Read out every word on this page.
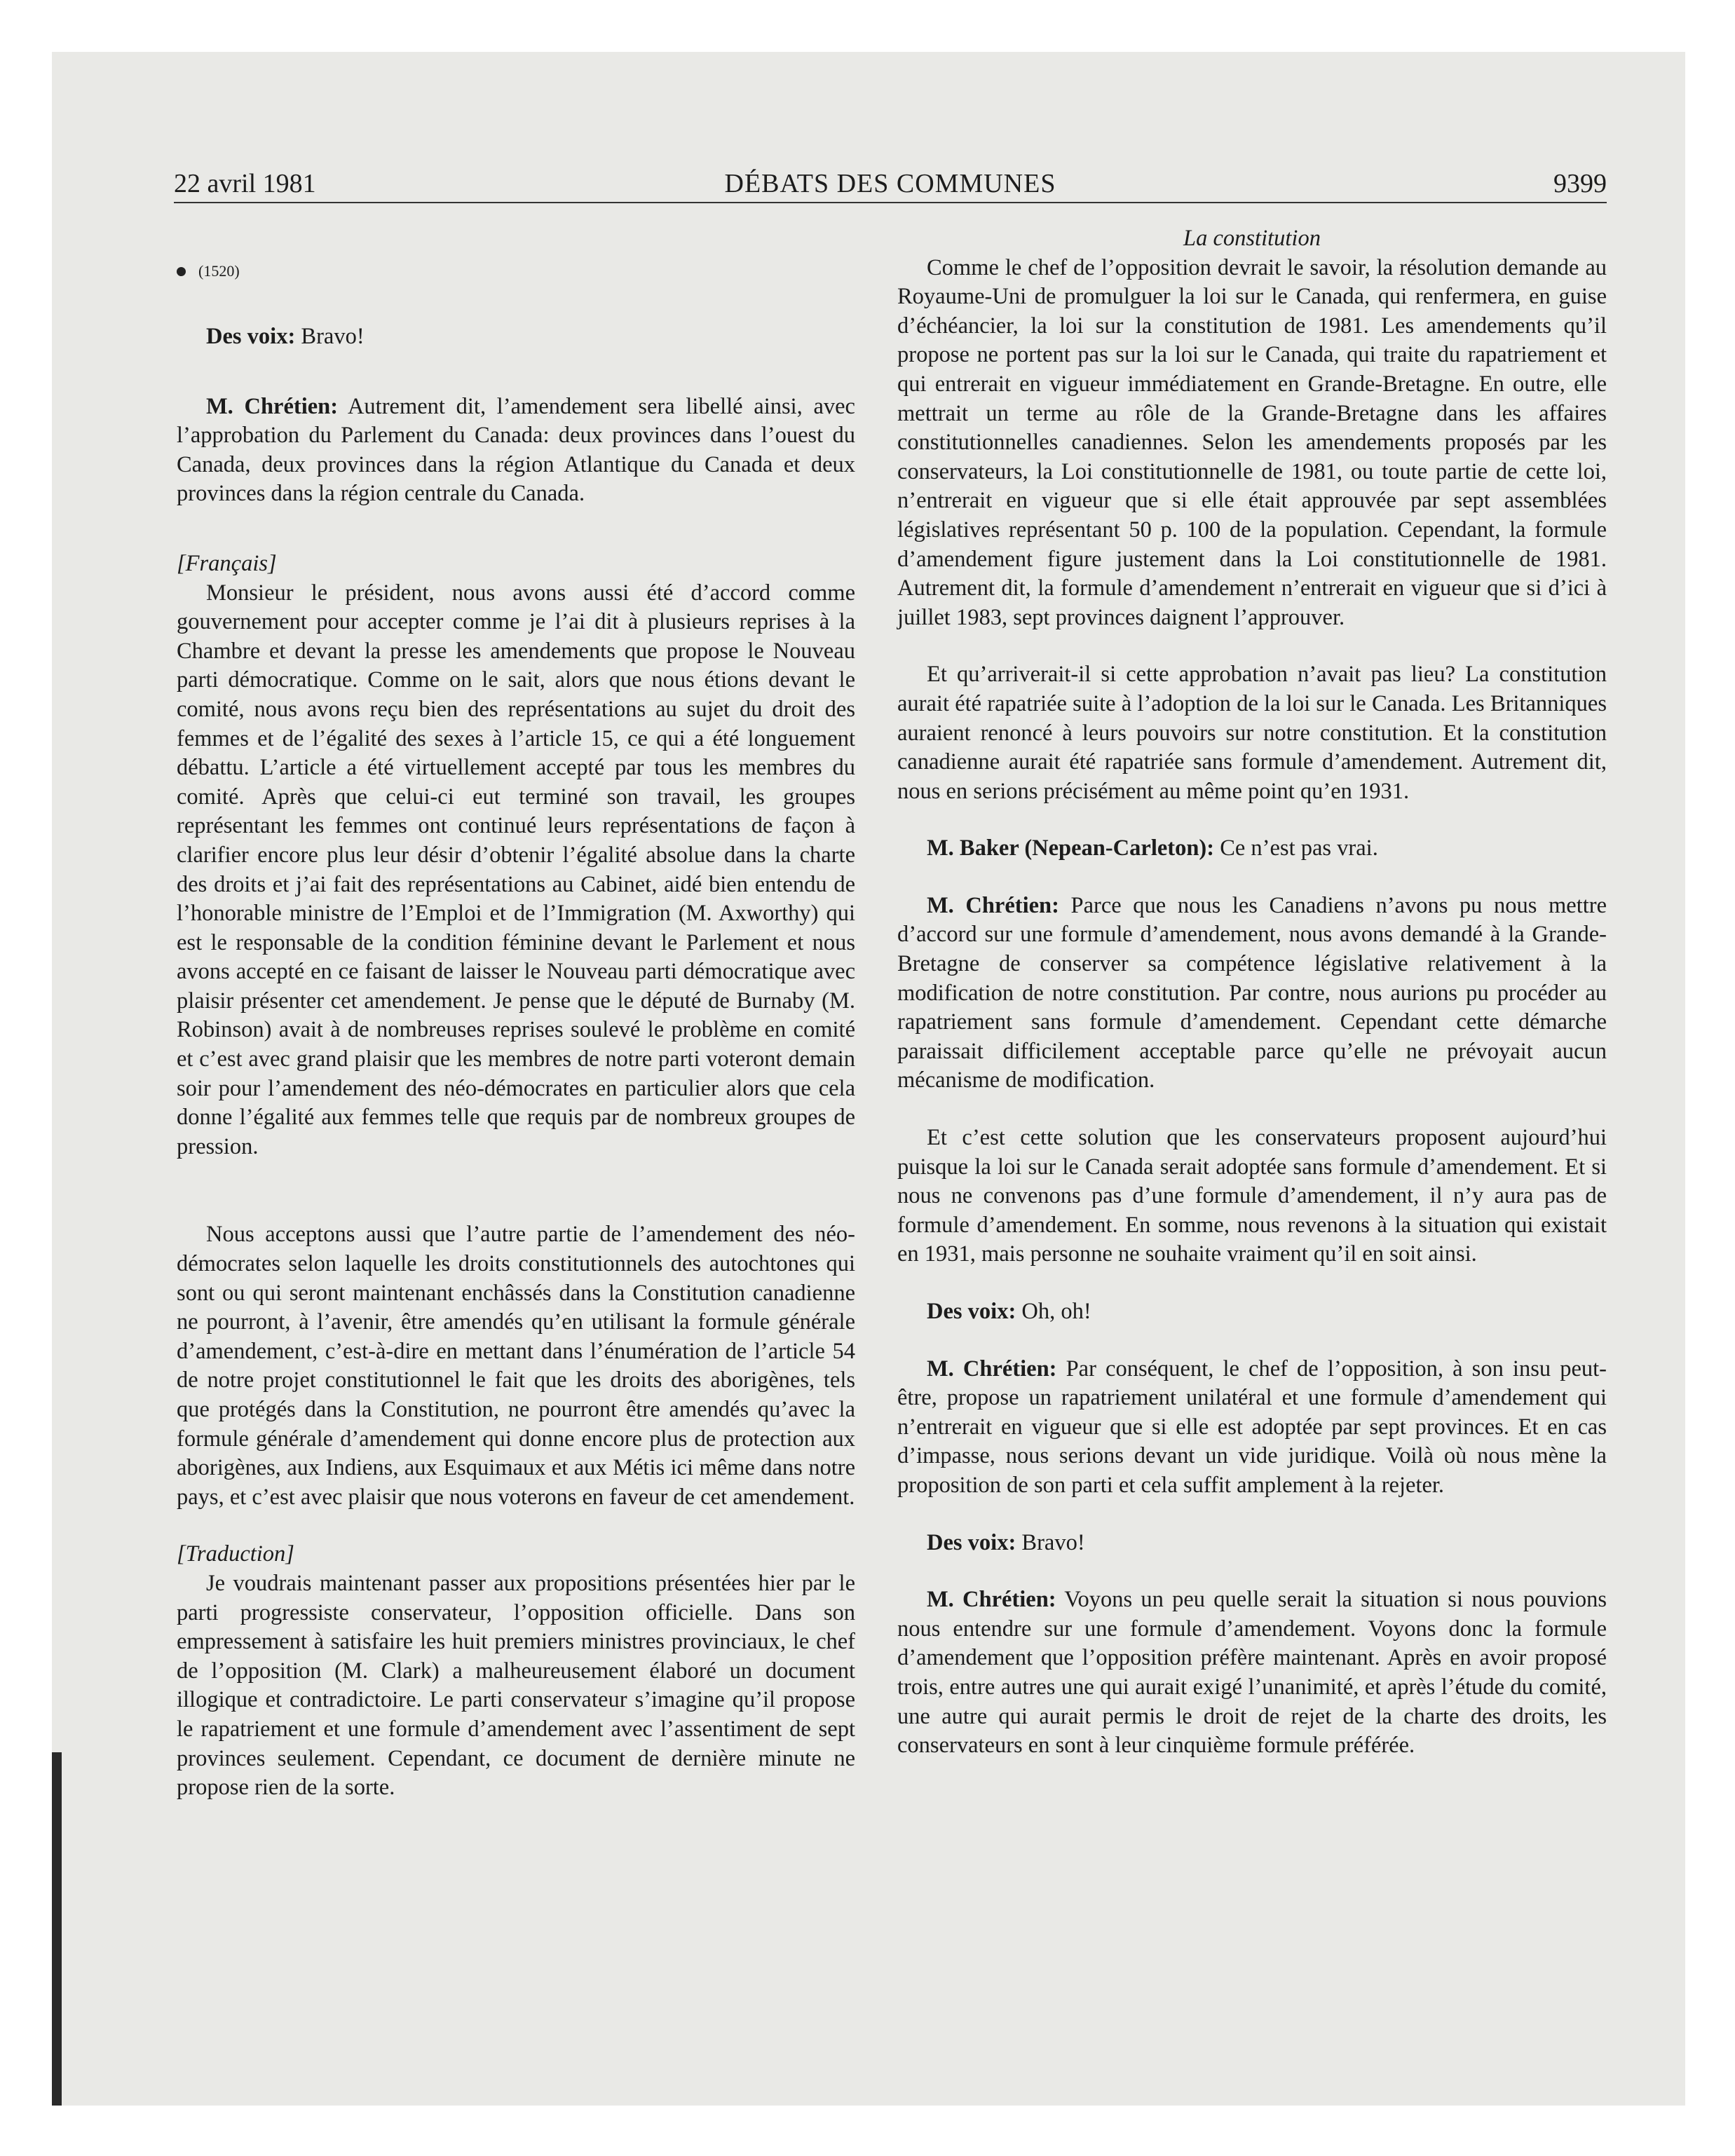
22 avril 1981	DÉBATS DES COMMUNES	9399
(1520)

Des voix: Bravo!

M. Chrétien: Autrement dit, l’amendement sera libellé ainsi, avec l’approbation du Parlement du Canada: deux provinces dans l’ouest du Canada, deux provinces dans la région Atlantique du Canada et deux provinces dans la région centrale du Canada.

[Français]

Monsieur le président, nous avons aussi été d’accord comme gouvernement pour accepter comme je l’ai dit à plusieurs reprises à la Chambre et devant la presse les amendements que propose le Nouveau parti démocratique. Comme on le sait, alors que nous étions devant le comité, nous avons reçu bien des représentations au sujet du droit des femmes et de l’égalité des sexes à l’article 15, ce qui a été longuement débattu. L’article a été virtuellement accepté par tous les membres du comité. Après que celui-ci eut terminé son travail, les groupes représentant les femmes ont continué leurs représentations de façon à clarifier encore plus leur désir d’obtenir l’égalité absolue dans la charte des droits et j’ai fait des représentations au Cabinet, aidé bien entendu de l’honorable ministre de l’Emploi et de l’Immigration (M. Axworthy) qui est le responsable de la condition féminine devant le Parlement et nous avons accepté en ce faisant de laisser le Nouveau parti démocratique avec plaisir présenter cet amendement. Je pense que le député de Burnaby (M. Robinson) avait à de nombreuses reprises soulevé le problème en comité et c’est avec grand plaisir que les membres de notre parti voteront demain soir pour l’amendement des néo-démocrates en particulier alors que cela donne l’égalité aux femmes telle que requis par de nombreux groupes de pression.

Nous acceptons aussi que l’autre partie de l’amendement des néo-démocrates selon laquelle les droits constitutionnels des autochtones qui sont ou qui seront maintenant enchâssés dans la Constitution canadienne ne pourront, à l’avenir, être amendés qu’en utilisant la formule générale d’amendement, c’est-à-dire en mettant dans l’énumération de l’article 54 de notre projet constitutionnel le fait que les droits des aborigènes, tels que protégés dans la Constitution, ne pourront être amendés qu’avec la formule générale d’amendement qui donne encore plus de protection aux aborigènes, aux Indiens, aux Esquimaux et aux Métis ici même dans notre pays, et c’est avec plaisir que nous voterons en faveur de cet amendement.

[Traduction]

Je voudrais maintenant passer aux propositions présentées hier par le parti progressiste conservateur, l’opposition officielle. Dans son empressement à satisfaire les huit premiers ministres provinciaux, le chef de l’opposition (M. Clark) a malheureusement élaboré un document illogique et contradictoire. Le parti conservateur s’imagine qu’il propose le rapatriement et une formule d’amendement avec l’assentiment de sept provinces seulement. Cependant, ce document de dernière minute ne propose rien de la sorte.

La constitution

Comme le chef de l’opposition devrait le savoir, la résolution demande au Royaume-Uni de promulguer la loi sur le Canada, qui renfermera, en guise d’échéancier, la loi sur la constitution de 1981. Les amendements qu’il propose ne portent pas sur la loi sur le Canada, qui traite du rapatriement et qui entrerait en vigueur immédiatement en Grande-Bretagne. En outre, elle mettrait un terme au rôle de la Grande-Bretagne dans les affaires constitutionnelles canadiennes. Selon les amendements proposés par les conservateurs, la Loi constitutionnelle de 1981, ou toute partie de cette loi, n’entrerait en vigueur que si elle était approuvée par sept assemblées législatives représentant 50 p. 100 de la population. Cependant, la formule d’amendement figure justement dans la Loi constitutionnelle de 1981. Autrement dit, la formule d’amendement n’entrerait en vigueur que si d’ici à juillet 1983, sept provinces daignent l’approuver.

Et qu’arriverait-il si cette approbation n’avait pas lieu? La constitution aurait été rapatriée suite à l’adoption de la loi sur le Canada. Les Britanniques auraient renoncé à leurs pouvoirs sur notre constitution. Et la constitution canadienne aurait été rapatriée sans formule d’amendement. Autrement dit, nous en serions précisément au même point qu’en 1931.

M. Baker (Nepean-Carleton): Ce n’est pas vrai.

M. Chrétien: Parce que nous les Canadiens n’avons pu nous mettre d’accord sur une formule d’amendement, nous avons demandé à la Grande-Bretagne de conserver sa compétence législative relativement à la modification de notre constitution. Par contre, nous aurions pu procéder au rapatriement sans formule d’amendement. Cependant cette démarche paraissait difficilement acceptable parce qu’elle ne prévoyait aucun mécanisme de modification.

Et c’est cette solution que les conservateurs proposent aujourd’hui puisque la loi sur le Canada serait adoptée sans formule d’amendement. Et si nous ne convenons pas d’une formule d’amendement, il n’y aura pas de formule d’amendement. En somme, nous revenons à la situation qui existait en 1931, mais personne ne souhaite vraiment qu’il en soit ainsi.

Des voix: Oh, oh!

M. Chrétien: Par conséquent, le chef de l’opposition, à son insu peut-être, propose un rapatriement unilatéral et une formule d’amendement qui n’entrerait en vigueur que si elle est adoptée par sept provinces. Et en cas d’impasse, nous serions devant un vide juridique. Voilà où nous mène la proposition de son parti et cela suffit amplement à la rejeter.

Des voix: Bravo!

M. Chrétien: Voyons un peu quelle serait la situation si nous pouvions nous entendre sur une formule d’amendement. Voyons donc la formule d’amendement que l’opposition préfère maintenant. Après en avoir proposé trois, entre autres une qui aurait exigé l’unanimité, et après l’étude du comité, une autre qui aurait permis le droit de rejet de la charte des droits, les conservateurs en sont à leur cinquième formule préférée.
